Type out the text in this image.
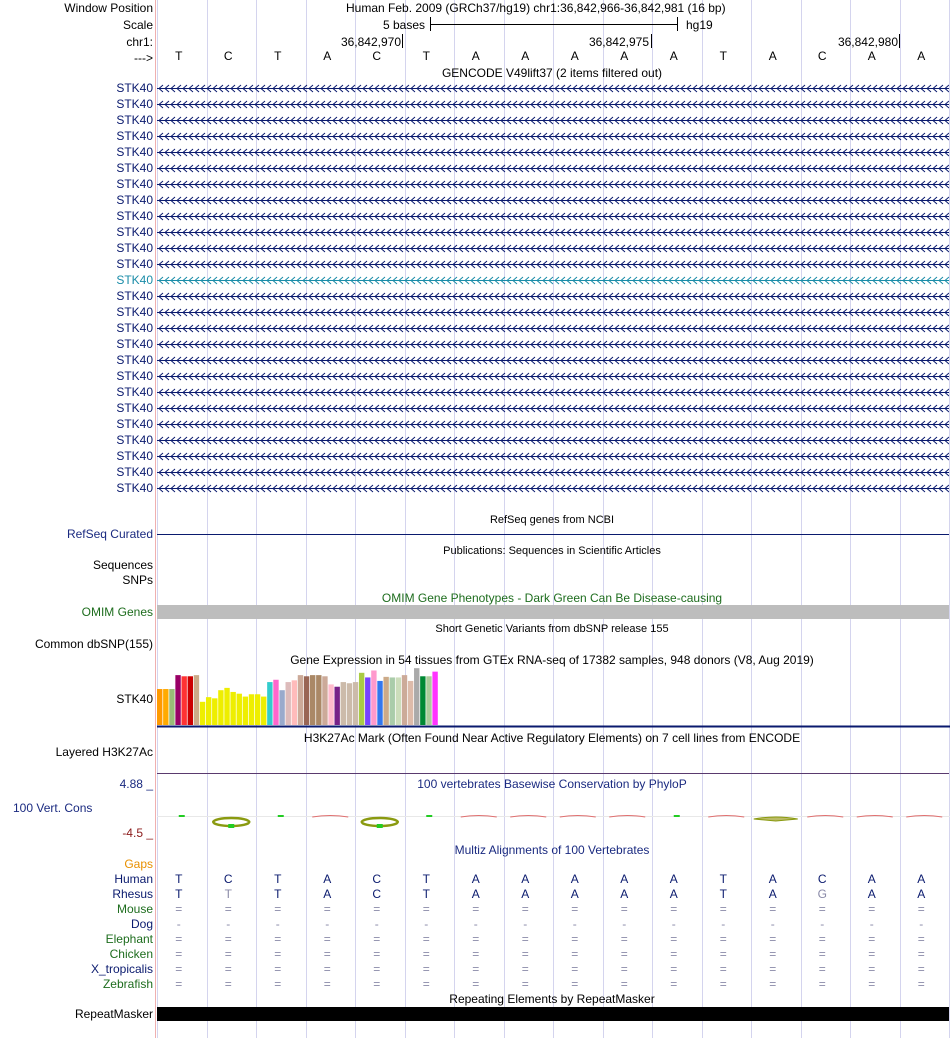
Window Position	Human Feb. 2009 (GRCh37/hg19) chr1:36,842,966-36,842,981 (16 bp)
Scale	5 bases	hg19
chr1:	36,842,970	36,842,975	36,842,980
--->	T	C	T	A	C	T	A	A	A	A	A	T	A	C	A	A
GENCODE V49lift37 (2 items filtered out)
STK40
STK40
STK40
STK40
STK40
STK40
STK40
STK40
STK40
STK40
STK40
STK40
STK40
STK40
STK40
STK40
STK40
STK40
STK40
STK40
STK40
STK40
STK40
STK40
STK40
STK40
RefSeq genes from NCBI
RefSeq Curated
Publications: Sequences in Scientific Articles
Sequences
SNPs
OMIM Gene Phenotypes - Dark Green Can Be Disease-causing
OMIM Genes
Short Genetic Variants from dbSNP release 155
Common dbSNP(155)
Gene Expression in 54 tissues from GTEx RNA-seq of 17382 samples, 948 donors (V8, Aug 2019)
STK40
H3K27Ac Mark (Often Found Near Active Regulatory Elements) on 7 cell lines from ENCODE
Layered H3K27Ac
100 vertebrates Basewise Conservation by PhyloP
4.88 _
100 Vert. Cons
-4.5 _
Multiz Alignments of 100 Vertebrates
Gaps
Human	T	C	T	A	C	T	A	A	A	A	A	T	A	C	A	A
Rhesus	T	T	T	A	C	T	A	A	A	A	A	T	A	G	A	A
Mouse	=	=	=	=	=	=	=	=	=	=	=	=	=	=	=	=
Dog	-	-	-	-	-	-	-	-	-	-	-	-	-	-	-	-
Elephant	=	=	=	=	=	=	=	=	=	=	=	=	=	=	=	=
Chicken	=	=	=	=	=	=	=	=	=	=	=	=	=	=	=	=
X_tropicalis	=	=	=	=	=	=	=	=	=	=	=	=	=	=	=	=
Zebrafish	=	=	=	=	=	=	=	=	=	=	=	=	=	=	=	=
Repeating Elements by RepeatMasker
RepeatMasker
